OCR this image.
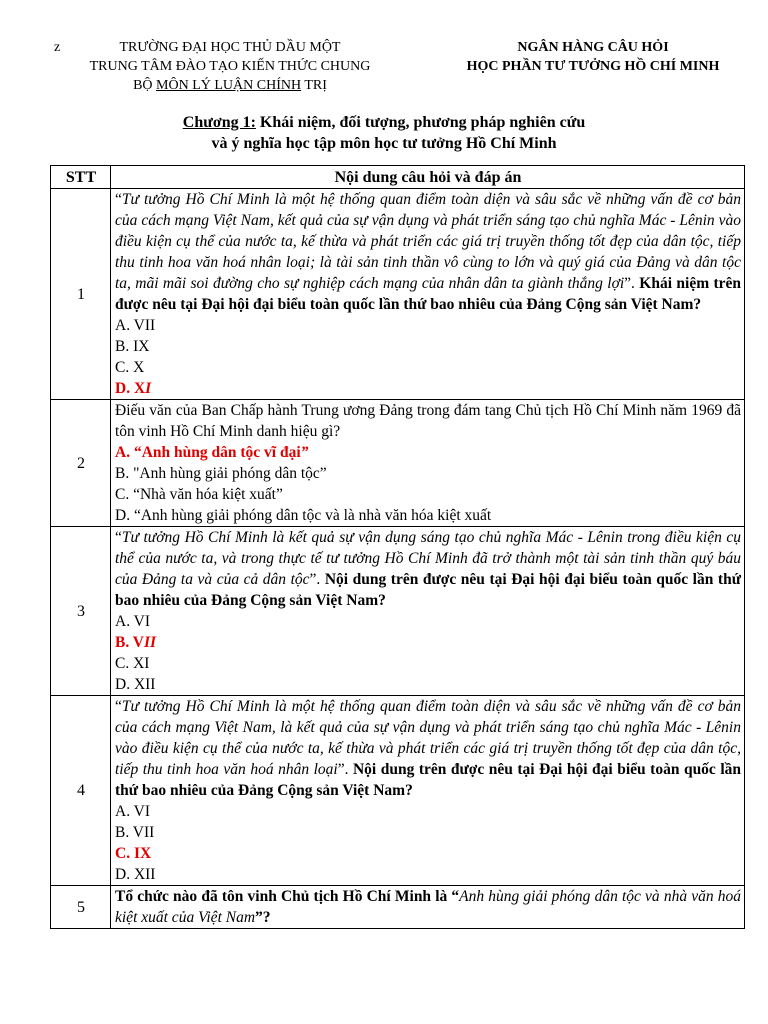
z	TRƯỜNG ĐẠI HỌC THỦ DẦU MỘT
TRUNG TÂM ĐÀO TẠO KIẾN THỨC CHUNG
BỘ MÔN LÝ LUẬN CHÍNH TRỊ
NGÂN HÀNG CÂU HỎI
HỌC PHẦN TƯ TƯỞNG HỒ CHÍ MINH
Chương 1: Khái niệm, đối tượng, phương pháp nghiên cứu
và ý nghĩa học tập môn học tư tưởng Hồ Chí Minh
STT	Nội dung câu hỏi và đáp án
1	“Tư tưởng Hồ Chí Minh là một hệ thống quan điểm toàn diện và sâu sắc về những vấn đề cơ bản của cách mạng Việt Nam, kết quả của sự vận dụng và phát triển sáng tạo chủ nghĩa Mác - Lênin vào điều kiện cụ thể của nước ta, kế thừa và phát triển các giá trị truyền thống tốt đẹp của dân tộc, tiếp thu tinh hoa văn hoá nhân loại; là tài sản tinh thần vô cùng to lớn và quý giá của Đảng và dân tộc ta, mãi mãi soi đường cho sự nghiệp cách mạng của nhân dân ta giành thắng lợi”. Khái niệm trên được nêu tại Đại hội đại biểu toàn quốc lần thứ bao nhiêu của Đảng Cộng sản Việt Nam?
A. VII
B. IX
C. X
D. XI

2	Điếu văn của Ban Chấp hành Trung ương Đảng trong đám tang Chủ tịch Hồ Chí Minh năm 1969 đã tôn vinh Hồ Chí Minh danh hiệu gì?
A. “Anh hùng dân tộc vĩ đại”
B. "Anh hùng giải phóng dân tộc”
C. “Nhà văn hóa kiệt xuất”
D. “Anh hùng giải phóng dân tộc và là nhà văn hóa kiệt xuất

3	“Tư tưởng Hồ Chí Minh là kết quả sự vận dụng sáng tạo chủ nghĩa Mác - Lênin trong điều kiện cụ thể của nước ta, và trong thực tế tư tưởng Hồ Chí Minh đã trở thành một tài sản tinh thần quý báu của Đảng ta và của cả dân tộc”. Nội dung trên được nêu tại Đại hội đại biểu toàn quốc lần thứ bao nhiêu của Đảng Cộng sản Việt Nam?
A. VI
B. VII
C. XI
D. XII

4	“Tư tưởng Hồ Chí Minh là một hệ thống quan điểm toàn diện và sâu sắc về những vấn đề cơ bản của cách mạng Việt Nam, là kết quả của sự vận dụng và phát triển sáng tạo chủ nghĩa Mác - Lênin vào điều kiện cụ thể của nước ta, kế thừa và phát triển các giá trị truyền thống tốt đẹp của dân tộc, tiếp thu tinh hoa văn hoá nhân loại”. Nội dung trên được nêu tại Đại hội đại biểu toàn quốc lần thứ bao nhiêu của Đảng Cộng sản Việt Nam?
A. VI
B. VII
C. IX
D. XII

5	Tổ chức nào đã tôn vinh Chủ tịch Hồ Chí Minh là “Anh hùng giải phóng dân tộc và nhà văn hoá kiệt xuất của Việt Nam”?
